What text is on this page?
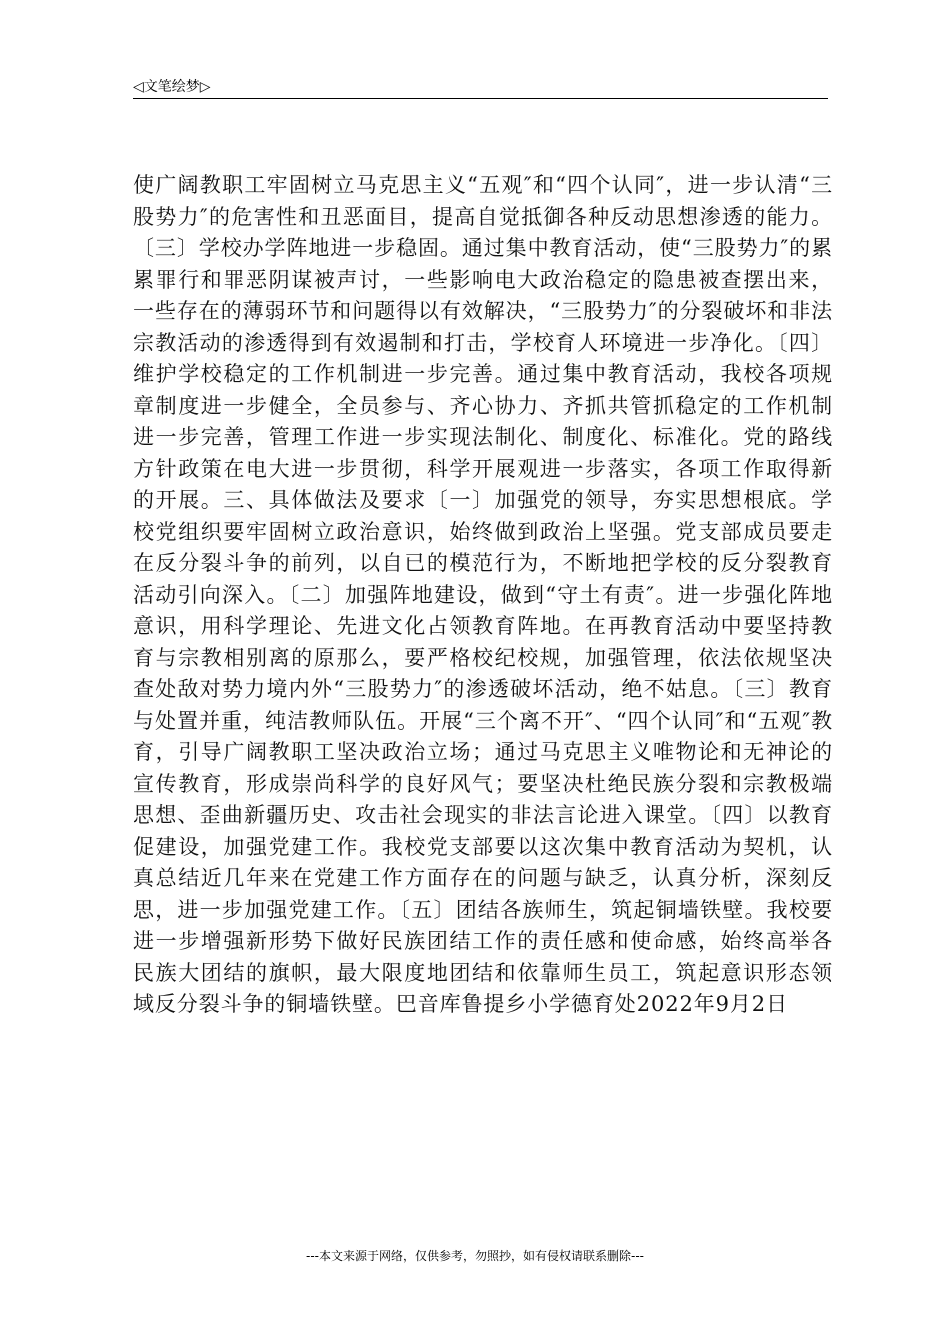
◁文笔绘梦▷

使广阔教职工牢固树立马克思主义“五观″和“四个认同″，进一步认清“三股势力″的危害性和丑恶面目，提高自觉抵御各种反动思想渗透的能力。〔三〕学校办学阵地进一步稳固。通过集中教育活动，使“三股势力″的累累罪行和罪恶阴谋被声讨，一些影响电大政治稳定的隐患被查摆出来，一些存在的薄弱环节和问题得以有效解决，“三股势力″的分裂破坏和非法宗教活动的渗透得到有效遏制和打击，学校育人环境进一步净化。〔四〕维护学校稳定的工作机制进一步完善。通过集中教育活动，我校各项规章制度进一步健全，全员参与、齐心协力、齐抓共管抓稳定的工作机制进一步完善，管理工作进一步实现法制化、制度化、标准化。党的路线方针政策在电大进一步贯彻，科学开展观进一步落实，各项工作取得新的开展。三、具体做法及要求〔一〕加强党的领导，夯实思想根底。学校党组织要牢固树立政治意识，始终做到政治上坚强。党支部成员要走在反分裂斗争的前列，以自已的模范行为，不断地把学校的反分裂教育活动引向深入。〔二〕加强阵地建设，做到“守土有责″。进一步强化阵地意识，用科学理论、先进文化占领教育阵地。在再教育活动中要坚持教育与宗教相别离的原那么，要严格校纪校规，加强管理，依法依规坚决查处敌对势力境内外“三股势力″的渗透破坏活动，绝不姑息。〔三〕教育与处置并重，纯洁教师队伍。开展“三个离不开″、“四个认同″和“五观″教育，引导广阔教职工坚决政治立场；通过马克思主义唯物论和无神论的宣传教育，形成崇尚科学的良好风气；要坚决杜绝民族分裂和宗教极端思想、歪曲新疆历史、攻击社会现实的非法言论进入课堂。〔四〕以教育促建设，加强党建工作。我校党支部要以这次集中教育活动为契机，认真总结近几年来在党建工作方面存在的问题与缺乏，认真分析，深刻反思，进一步加强党建工作。〔五〕团结各族师生，筑起铜墙铁壁。我校要进一步增强新形势下做好民族团结工作的责任感和使命感，始终高举各民族大团结的旗帜，最大限度地团结和依靠师生员工，筑起意识形态领域反分裂斗争的铜墙铁壁。巴音库鲁提乡小学德育处2022年9月2日

---本文来源于网络，仅供参考，勿照抄，如有侵权请联系删除---
